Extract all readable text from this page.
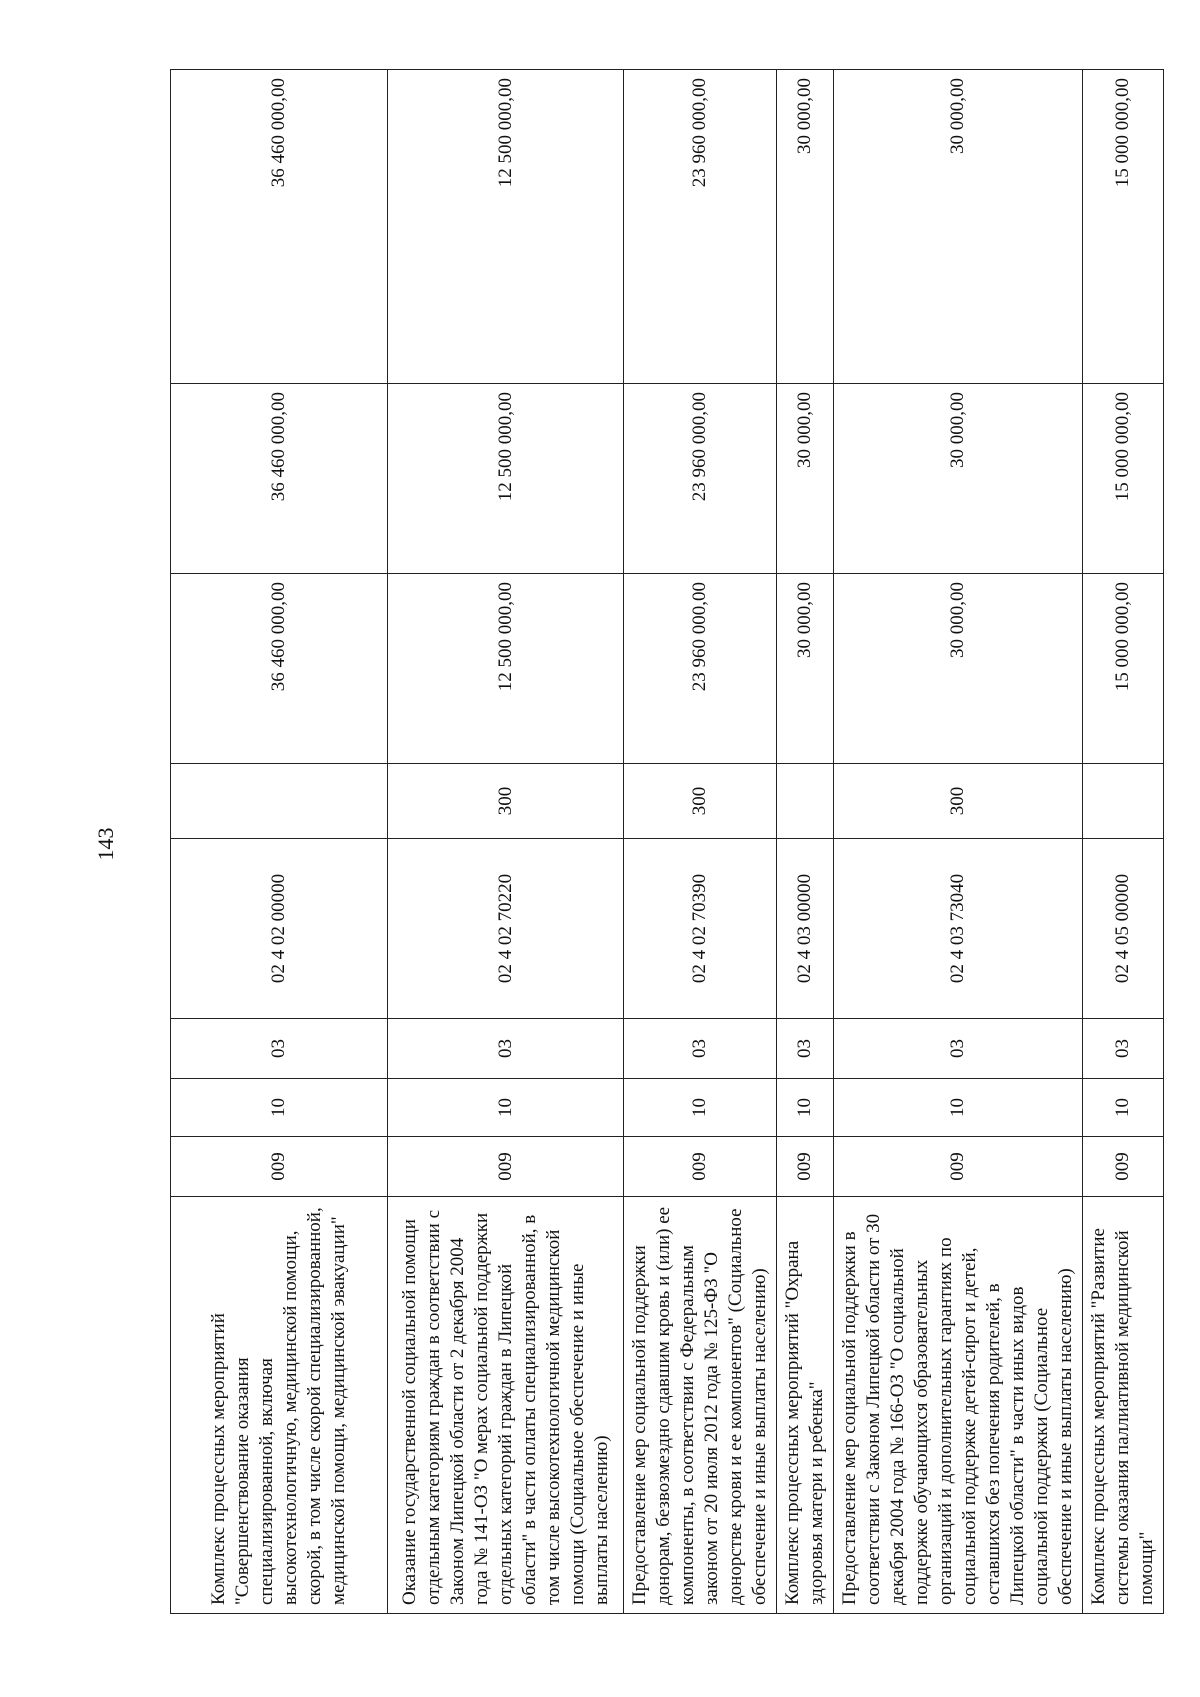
143
Комплекс процессных мероприятий "Совершенствование оказания специализированной, включая высокотехнологичную, медицинской помощи, скорой, в том числе скорой специализированной, медицинской помощи, медицинской эвакуации"	009	10	03	02 4 02 00000		36 460 000,00	36 460 000,00	36 460 000,00
Оказание государственной социальной помощи отдельным категориям граждан в соответствии с Законом Липецкой области от 2 декабря 2004 года № 141-ОЗ "О мерах социальной поддержки отдельных категорий граждан в Липецкой области" в части оплаты специализированной, в том числе высокотехнологичной медицинской помощи (Социальное обеспечение и иные выплаты населению)	009	10	03	02 4 02 70220	300	12 500 000,00	12 500 000,00	12 500 000,00
Предоставление мер социальной поддержки донорам, безвозмездно сдавшим кровь и (или) ее компоненты, в соответствии с Федеральным законом от 20 июля 2012 года № 125-ФЗ "О донорстве крови и ее компонентов" (Социальное обеспечение и иные выплаты населению)	009	10	03	02 4 02 70390	300	23 960 000,00	23 960 000,00	23 960 000,00
Комплекс процессных мероприятий "Охрана здоровья матери и ребенка"	009	10	03	02 4 03 00000		30 000,00	30 000,00	30 000,00
Предоставление мер социальной поддержки в соответствии с Законом Липецкой области от 30 декабря 2004 года № 166-ОЗ "О социальной поддержке обучающихся образовательных организаций и дополнительных гарантиях по социальной поддержке детей-сирот и детей, оставшихся без попечения родителей, в Липецкой области" в части иных видов социальной поддержки (Социальное обеспечение и иные выплаты населению)	009	10	03	02 4 03 73040	300	30 000,00	30 000,00	30 000,00
Комплекс процессных мероприятий "Развитие системы оказания паллиативной медицинской помощи"	009	10	03	02 4 05 00000		15 000 000,00	15 000 000,00	15 000 000,00
